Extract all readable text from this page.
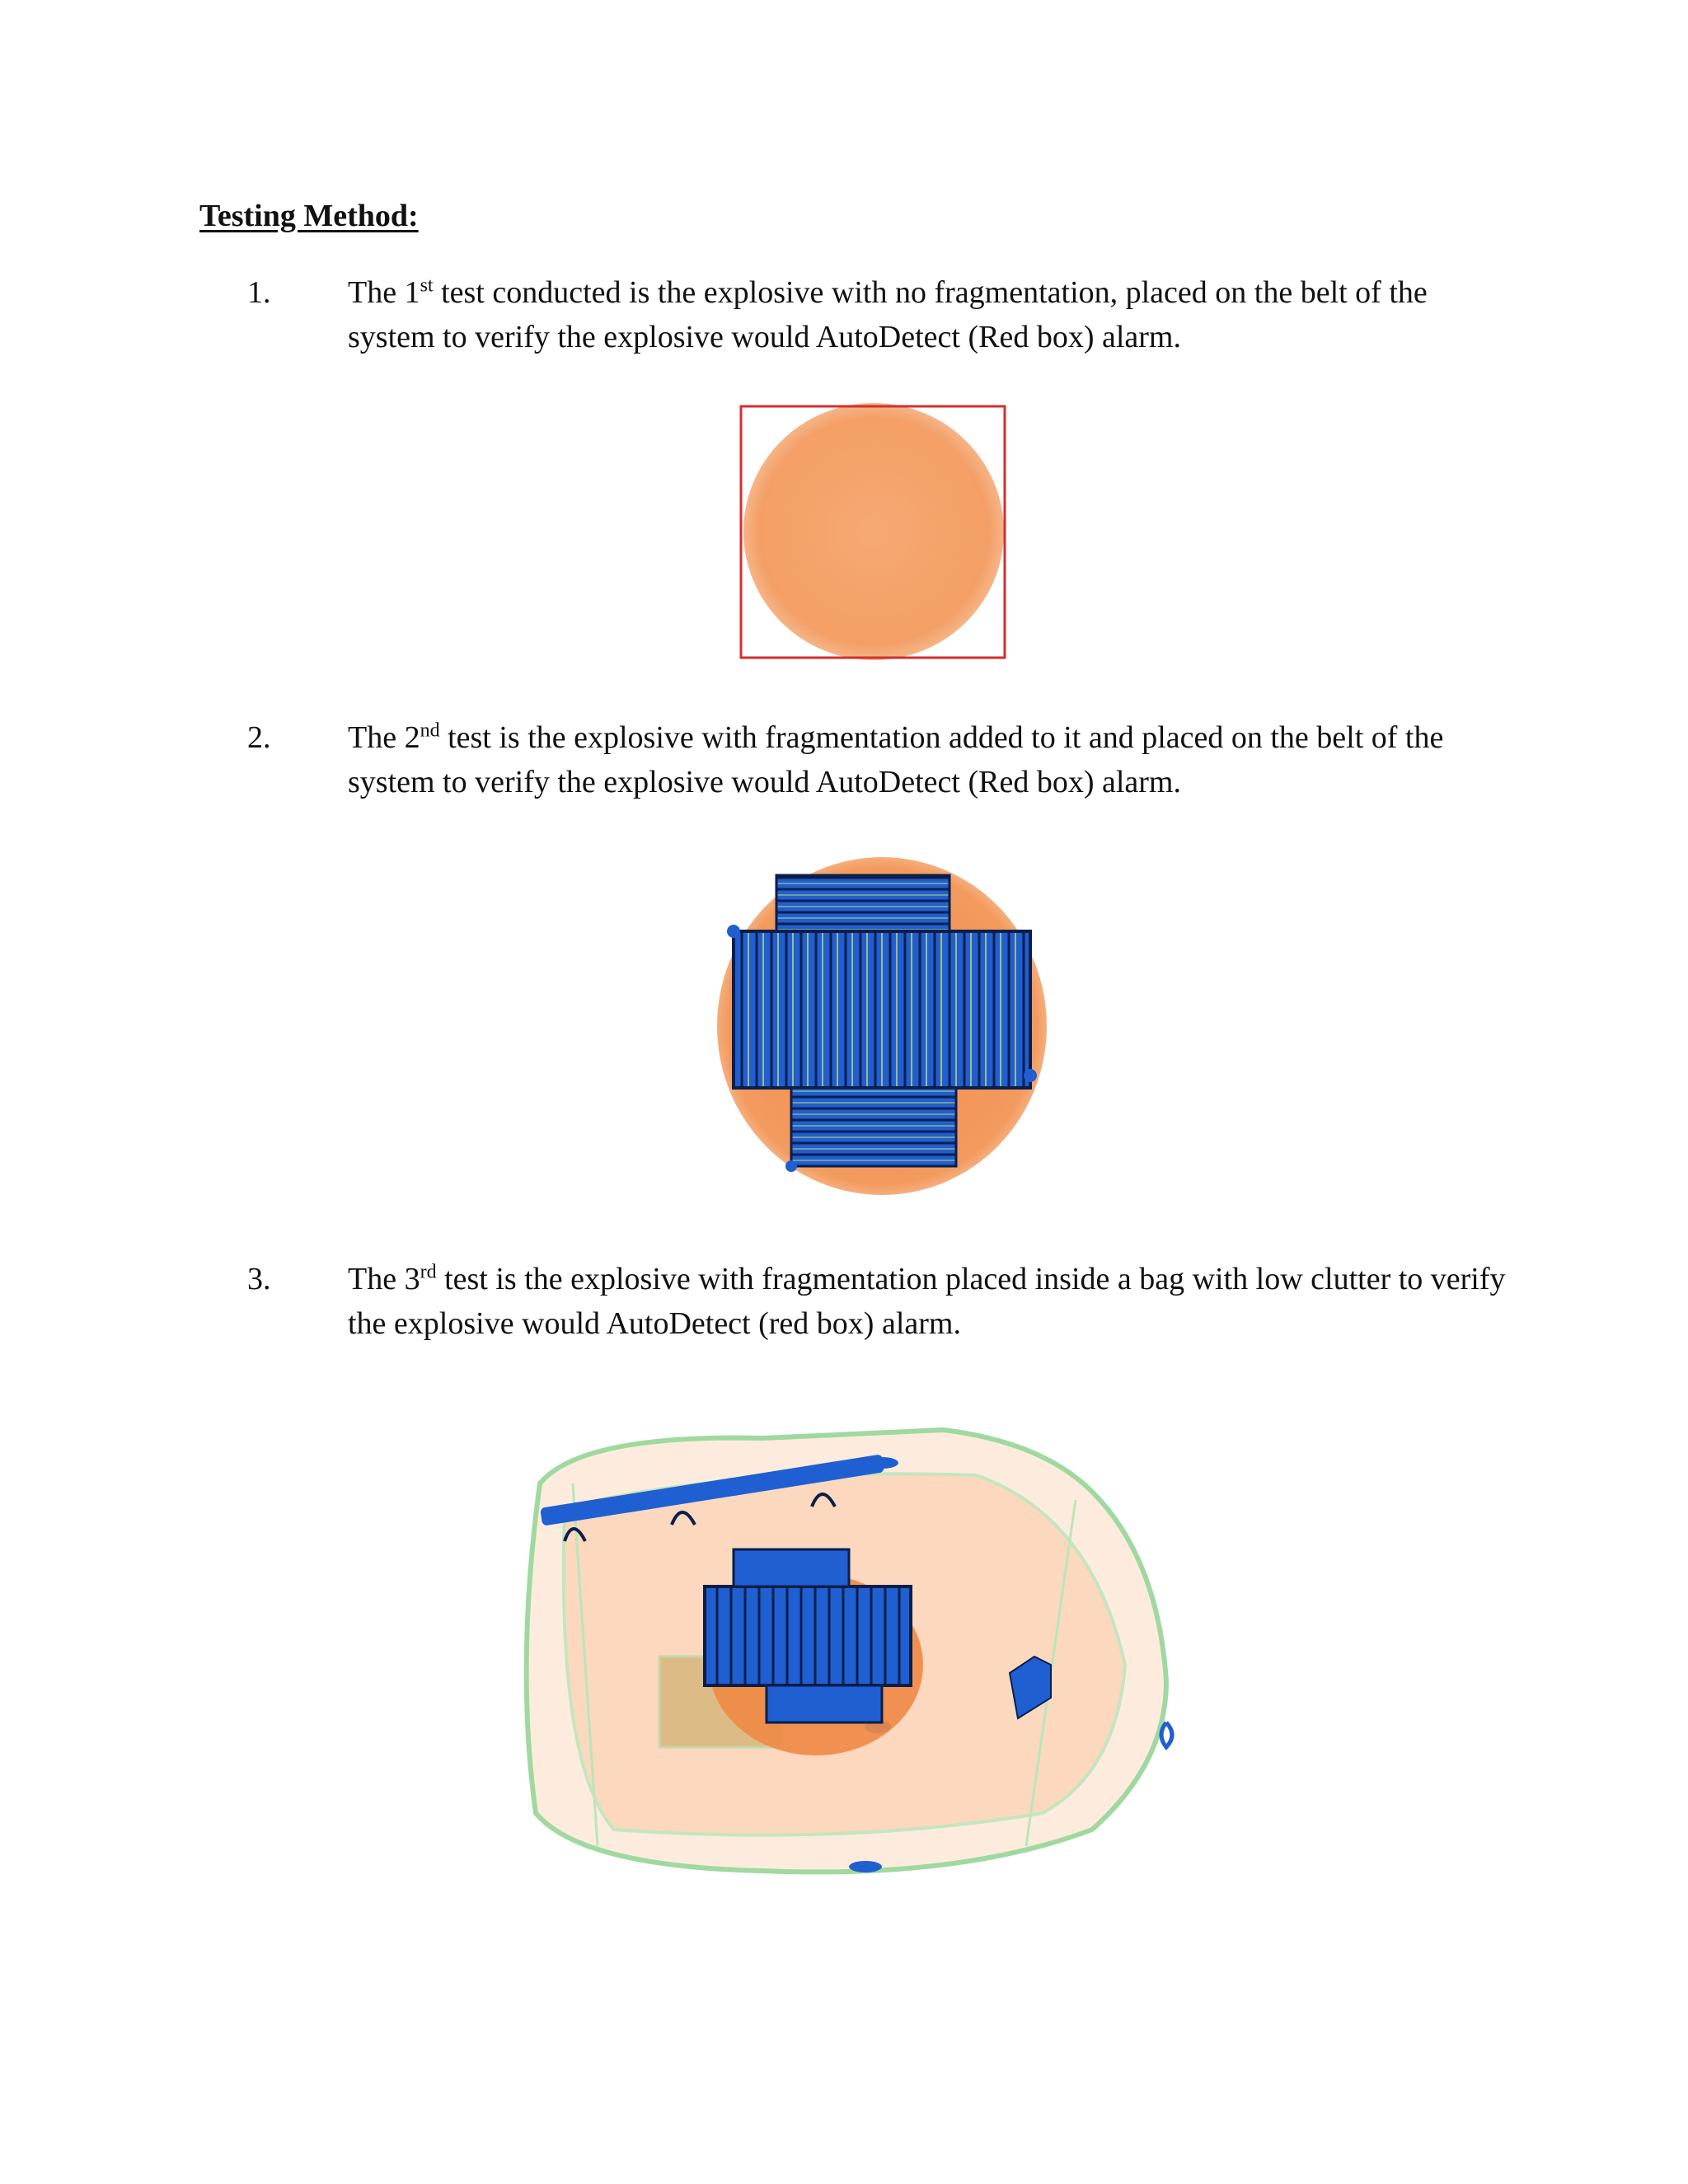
Testing Method:
1. The 1st test conducted is the explosive with no fragmentation, placed on the belt of the system to verify the explosive would AutoDetect (Red box) alarm.
2. The 2nd test is the explosive with fragmentation added to it and placed on the belt of the system to verify the explosive would AutoDetect (Red box) alarm.
3. The 3rd test is the explosive with fragmentation placed inside a bag with low clutter to verify the explosive would AutoDetect (red box) alarm.
